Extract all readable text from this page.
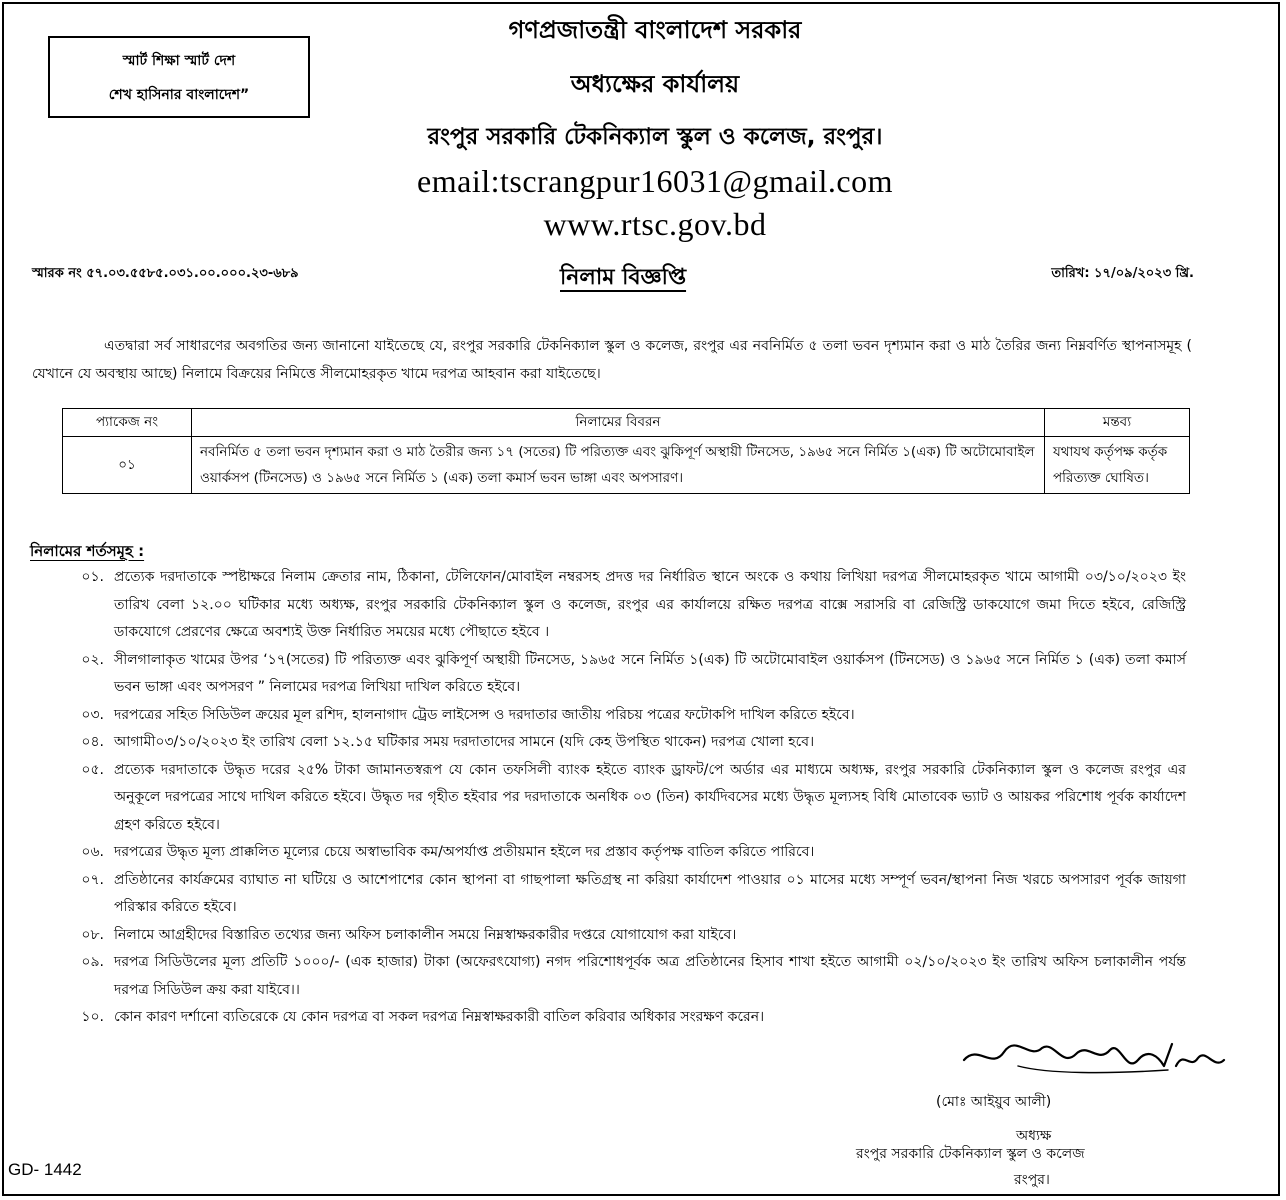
স্মার্ট শিক্ষা স্মার্ট দেশ
শেখ হাসিনার বাংলাদেশ”
গণপ্রজাতন্ত্রী বাংলাদেশ সরকার
অধ্যক্ষের কার্যালয়
রংপুর সরকারি টেকনিক্যাল স্কুল ও কলেজ, রংপুর।
email:tscrangpur16031@gmail.com
www.rtsc.gov.bd
স্মারক নং ৫৭.০৩.৫৫৮৫.০৩১.০০.০০০.২৩-৬৮৯	নিলাম বিজ্ঞপ্তি	তারিখ: ১৭/০৯/২০২৩ খ্রি.
এতদ্বারা সর্ব সাধারণের অবগতির জন্য জানানো যাইতেছে যে, রংপুর সরকারি টেকনিক্যাল স্কুল ও কলেজ, রংপুর এর নবনির্মিত ৫ তলা ভবন দৃশ্যমান করা ও মাঠ তৈরির জন্য নিম্নবর্ণিত স্থাপনাসমূহ ( যেখানে যে অবস্থায় আছে) নিলামে বিক্রয়ের নিমিত্তে সীলমোহরকৃত খামে দরপত্র আহবান করা যাইতেছে।
প্যাকেজ নং	নিলামের বিবরন	মন্তব্য
০১	নবনির্মিত ৫ তলা ভবন দৃশ্যমান করা ও মাঠ তৈরীর জন্য ১৭ (সতের) টি পরিত্যক্ত এবং ঝুকিপূর্ণ অস্থায়ী টিনসেড, ১৯৬৫ সনে নির্মিত ১(এক) টি অটোমোবাইল ওয়ার্কসপ (টিনসেড) ও ১৯৬৫ সনে নির্মিত ১ (এক) তলা কমার্স ভবন ভাঙ্গা এবং অপসারণ।	যথাযথ কর্তৃপক্ষ কর্তৃক পরিত্যক্ত ঘোষিত।
নিলামের শর্তসমূহ :
০১. প্রত্যেক দরদাতাকে স্পষ্টাক্ষরে নিলাম ক্রেতার নাম, ঠিকানা, টেলিফোন/মোবাইল নম্বরসহ প্রদত্ত দর নির্ধারিত স্থানে অংকে ও কথায় লিখিয়া দরপত্র সীলমোহরকৃত খামে আগামী ০৩/১০/২০২৩ ইং তারিখ বেলা ১২.০০ ঘটিকার মধ্যে অধ্যক্ষ, রংপুর সরকারি টেকনিক্যাল স্কুল ও কলেজ, রংপুর এর কার্যালয়ে রক্ষিত দরপত্র বাক্সে সরাসরি বা রেজিস্ট্রি ডাকযোগে জমা দিতে হইবে, রেজিস্ট্রি ডাকযোগে প্রেরণের ক্ষেত্রে অবশ্যই উক্ত নির্ধারিত সময়ের মধ্যে পৌছাতে হইবে ।
০২. সীলগালাকৃত খামের উপর ‘১৭(সতের) টি পরিত্যক্ত এবং ঝুকিপূর্ণ অস্থায়ী টিনসেড, ১৯৬৫ সনে নির্মিত ১(এক) টি অটোমোবাইল ওয়ার্কসপ (টিনসেড) ও ১৯৬৫ সনে নির্মিত ১ (এক) তলা কমার্স ভবন ভাঙ্গা এবং অপসরণ ” নিলামের দরপত্র লিখিয়া দাখিল করিতে হইবে।
০৩. দরপত্রের সহিত সিডিউল ক্রয়ের মূল রশিদ, হালনাগাদ ট্রেড লাইসেন্স ও দরদাতার জাতীয় পরিচয় পত্রের ফটোকপি দাখিল করিতে হইবে।
০৪. আগামী০৩/১০/২০২৩ ইং তারিখ বেলা ১২.১৫ ঘটিকার সময় দরদাতাদের সামনে (যদি কেহ উপস্থিত থাকেন) দরপত্র খোলা হবে।
০৫. প্রত্যেক দরদাতাকে উদ্ধৃত দরের ২৫% টাকা জামানতস্বরূপ যে কোন তফসিলী ব্যাংক হইতে ব্যাংক ড্রাফট/পে অর্ডার এর মাধ্যমে অধ্যক্ষ, রংপুর সরকারি টেকনিক্যাল স্কুল ও কলেজ রংপুর এর অনুকূলে দরপত্রের সাথে দাখিল করিতে হইবে। উদ্ধৃত দর গৃহীত হইবার পর দরদাতাকে অনধিক ০৩ (তিন) কার্যদিবসের মধ্যে উদ্ধৃত মূল্যসহ বিধি মোতাবেক ভ্যাট ও আয়কর পরিশোধ পূর্বক কার্যাদেশ গ্রহণ করিতে হইবে।
০৬. দরপত্রের উদ্ধৃত মূল্য প্রাক্কলিত মূল্যের চেয়ে অস্বাভাবিক কম/অপর্যাপ্ত প্রতীয়মান হইলে দর প্রস্তাব কর্তৃপক্ষ বাতিল করিতে পারিবে।
০৭. প্রতিষ্ঠানের কার্যক্রমের ব্যাঘাত না ঘটিয়ে ও আশেপাশের কোন স্থাপনা বা গাছপালা ক্ষতিগ্রস্থ না করিয়া কার্যাদেশ পাওয়ার ০১ মাসের মধ্যে সম্পূর্ণ ভবন/স্থাপনা নিজ খরচে অপসারণ পূর্বক জায়গা পরিস্কার করিতে হইবে।
০৮. নিলামে আগ্রহীদের বিস্তারিত তথ্যের জন্য অফিস চলাকালীন সময়ে নিম্নস্বাক্ষরকারীর দপ্তরে যোগাযোগ করা যাইবে।
০৯. দরপত্র সিডিউলের মূল্য প্রতিটি ১০০০/- (এক হাজার) টাকা (অফেরৎযোগ্য) নগদ পরিশোধপূর্বক অত্র প্রতিষ্ঠানের হিসাব শাখা হইতে আগামী ০২/১০/২০২৩ ইং তারিখ অফিস চলাকালীন পর্যন্ত দরপত্র সিডিউল ক্রয় করা যাইবে।।
১০. কোন কারণ দর্শানো ব্যতিরেকে যে কোন দরপত্র বা সকল দরপত্র নিম্নস্বাক্ষরকারী বাতিল করিবার অধিকার সংরক্ষণ করেন।
(মোঃ আইয়ুব আলী)
অধ্যক্ষ
রংপুর সরকারি টেকনিক্যাল স্কুল ও কলেজ
রংপুর।
GD- 1442
